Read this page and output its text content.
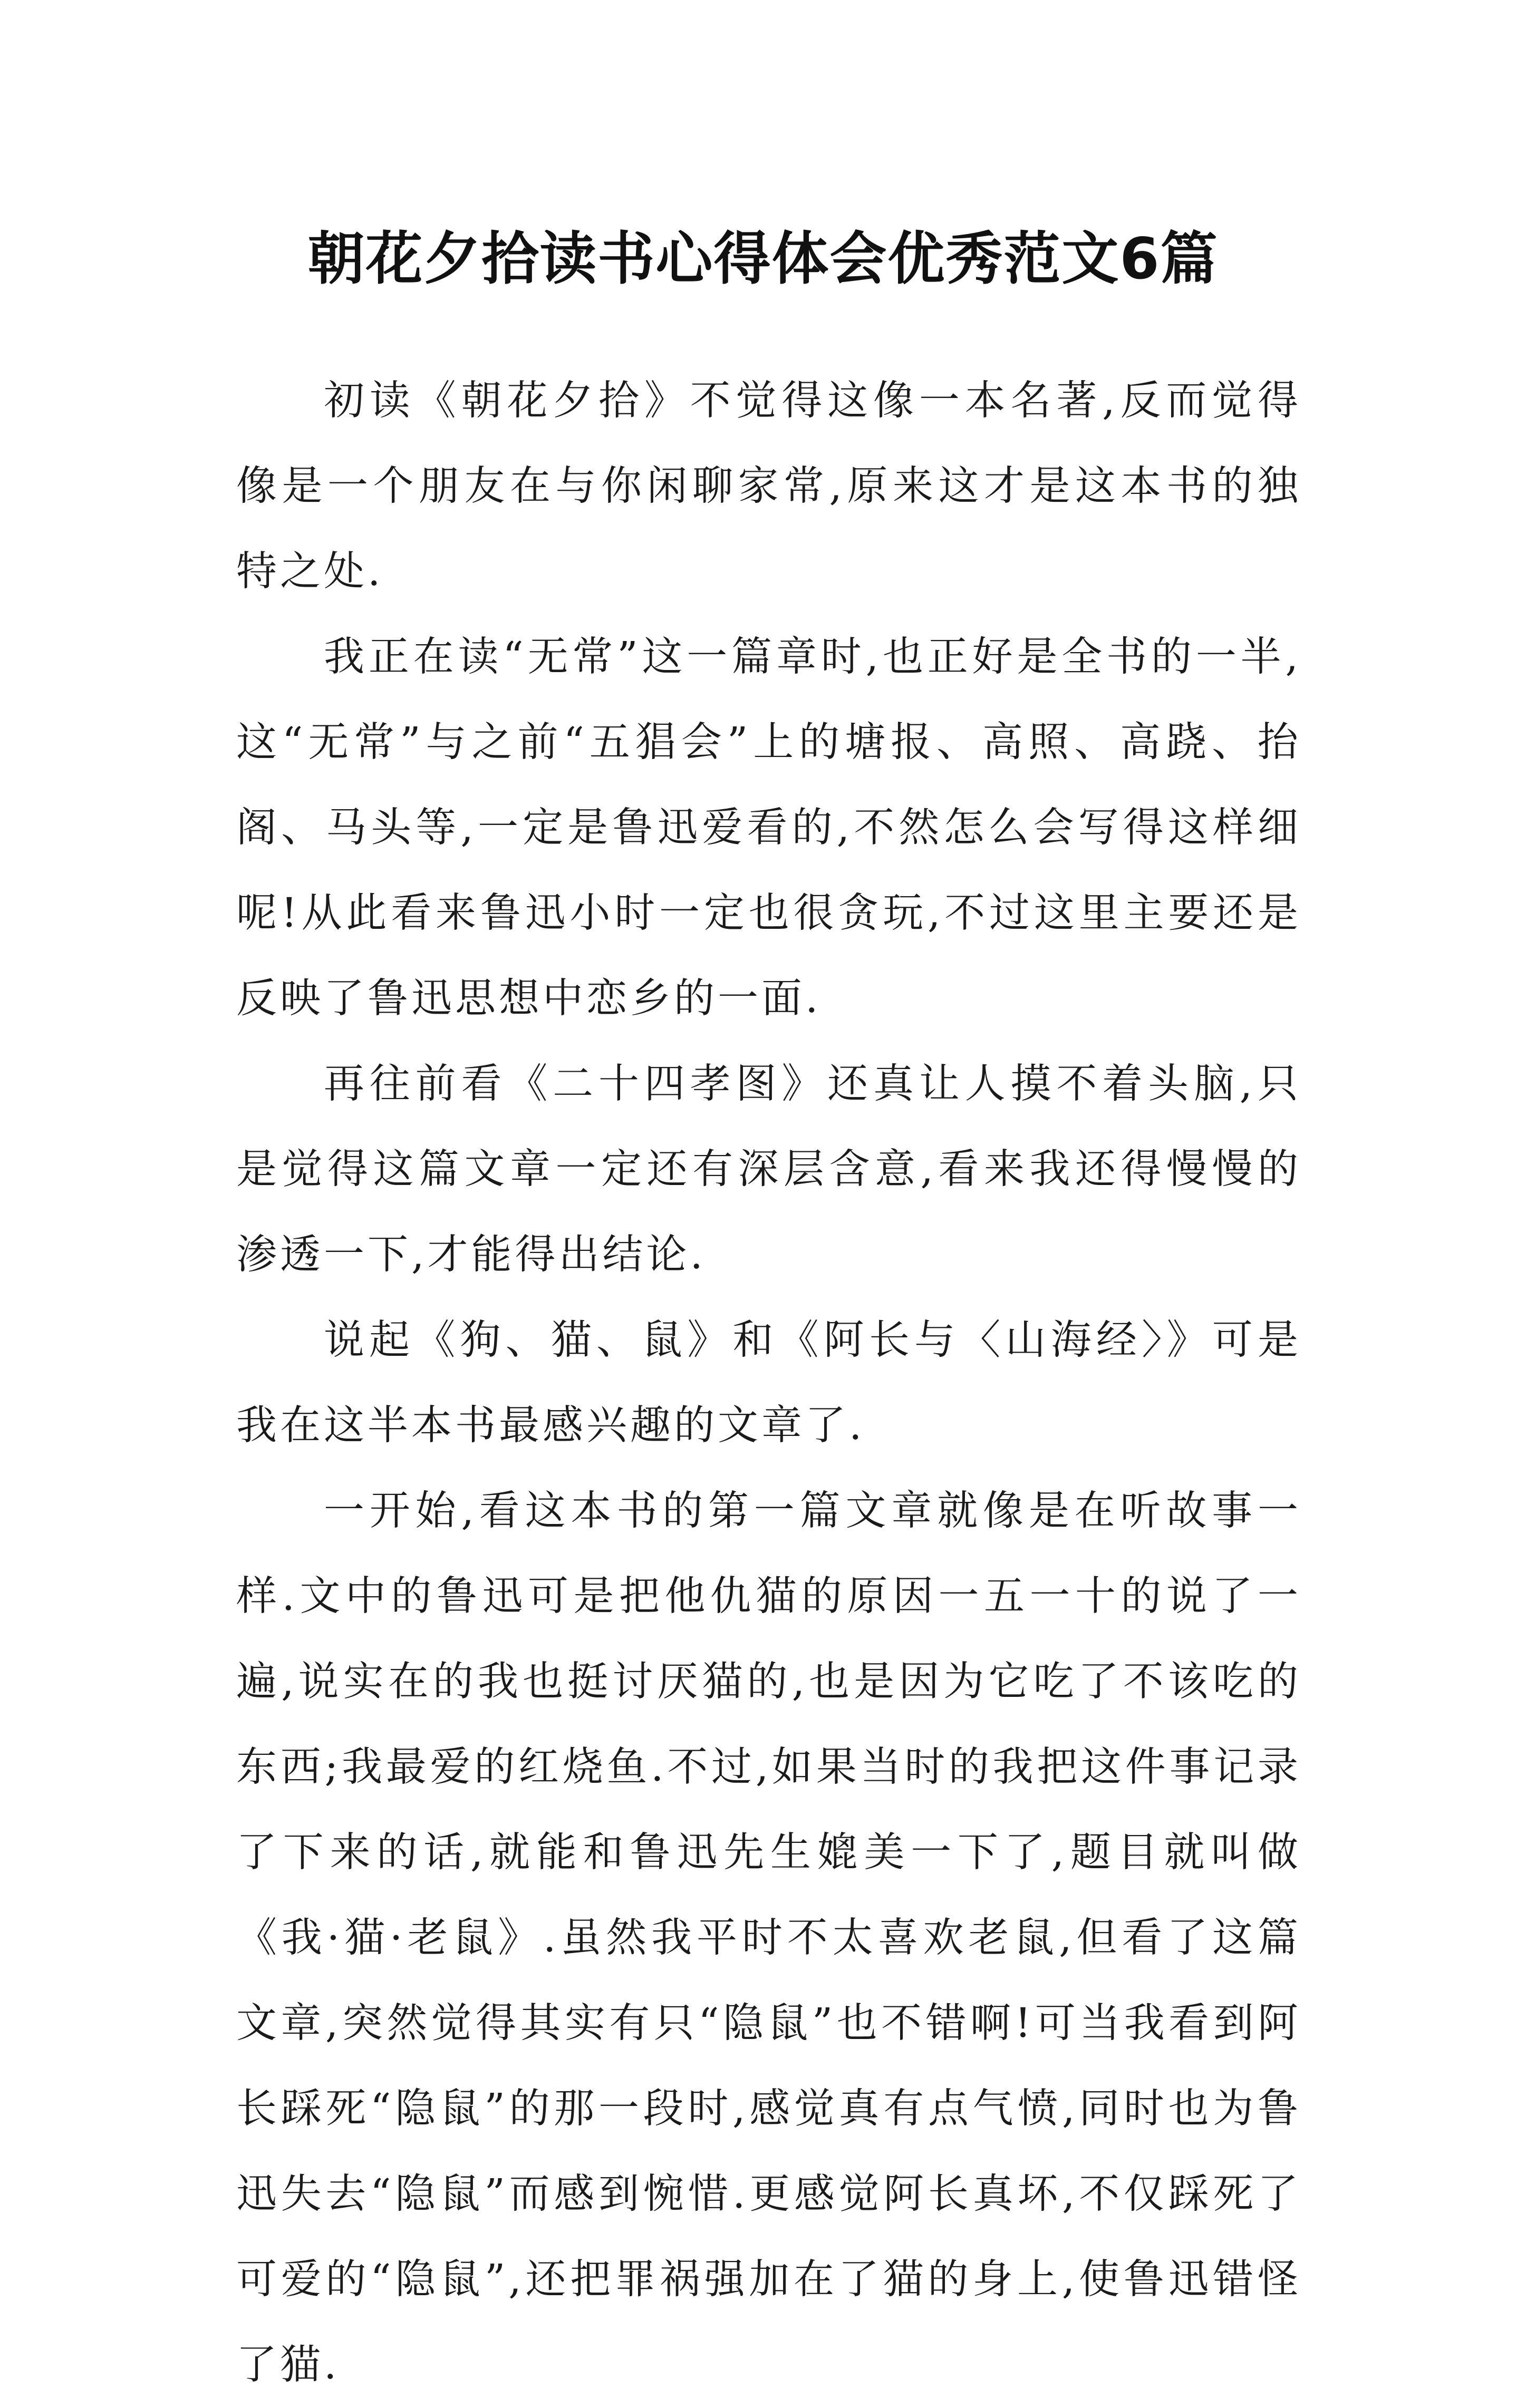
朝花夕拾读书心得体会优秀范文6篇

初读《朝花夕拾》不觉得这像一本名著,反而觉得像是一个朋友在与你闲聊家常,原来这才是这本书的独特之处.

我正在读“无常”这一篇章时,也正好是全书的一半,这“无常”与之前“五猖会”上的塘报、高照、高跷、抬阁、马头等,一定是鲁迅爱看的,不然怎么会写得这样细呢!从此看来鲁迅小时一定也很贪玩,不过这里主要还是反映了鲁迅思想中恋乡的一面.

再往前看《二十四孝图》还真让人摸不着头脑,只是觉得这篇文章一定还有深层含意,看来我还得慢慢的渗透一下,才能得出结论.

说起《狗、猫、鼠》和《阿长与〈山海经〉》可是我在这半本书最感兴趣的文章了.

一开始,看这本书的第一篇文章就像是在听故事一样.文中的鲁迅可是把他仇猫的原因一五一十的说了一遍,说实在的我也挺讨厌猫的,也是因为它吃了不该吃的东西;我最爱的红烧鱼.不过,如果当时的我把这件事记录了下来的话,就能和鲁迅先生媲美一下了,题目就叫做《我·猫·老鼠》.虽然我平时不太喜欢老鼠,但看了这篇文章,突然觉得其实有只“隐鼠”也不错啊!可当我看到阿长踩死“隐鼠”的那一段时,感觉真有点气愤,同时也为鲁迅失去“隐鼠”而感到惋惜.更感觉阿长真坏,不仅踩死了可爱的“隐鼠”,还把罪祸强加在了猫的身上,使鲁迅错怪了猫.
